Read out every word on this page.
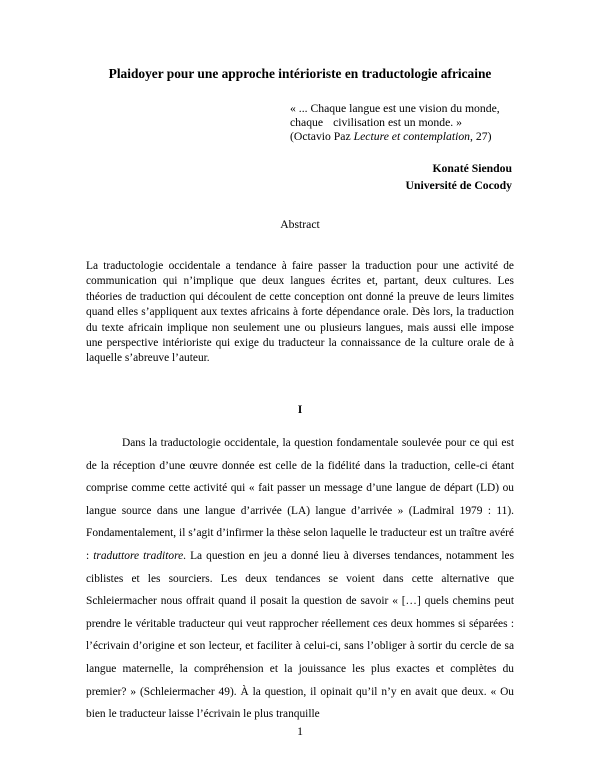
Plaidoyer pour une approche intérioriste en traductologie africaine
« ... Chaque langue est une vision du monde,
chaque civilisation est un monde. »
(Octavio Paz Lecture et contemplation, 27)
Konaté Siendou
Université de Cocody
Abstract
La traductologie occidentale a tendance à faire passer la traduction pour une activité de communication qui n’implique que deux langues écrites et, partant, deux cultures. Les théories de traduction qui découlent de cette conception ont donné la preuve de leurs limites quand elles s’appliquent aux textes africains à forte dépendance orale. Dès lors, la traduction du texte africain implique non seulement une ou plusieurs langues, mais aussi elle impose une perspective intérioriste qui exige du traducteur la connaissance de la culture orale de à laquelle s’abreuve l’auteur.
I
Dans la traductologie occidentale, la question fondamentale soulevée pour ce qui est de la réception d’une œuvre donnée est celle de la fidélité dans la traduction, celle-ci étant comprise comme cette activité qui « fait passer un message d’une langue de départ (LD) ou langue source dans une langue d’arrivée (LA) langue d’arrivée » (Ladmiral 1979 : 11). Fondamentalement, il s’agit d’infirmer la thèse selon laquelle le traducteur est un traître avéré : traduttore traditore. La question en jeu a donné lieu à diverses tendances, notamment les ciblistes et les sourciers. Les deux tendances se voient dans cette alternative que Schleiermacher nous offrait quand il posait la question de savoir « […] quels chemins peut prendre le véritable traducteur qui veut rapprocher réellement ces deux hommes si séparées : l’écrivain d’origine et son lecteur, et faciliter à celui-ci, sans l’obliger à sortir du cercle de sa langue maternelle, la compréhension et la jouissance les plus exactes et complètes du premier? » (Schleiermacher 49). À la question, il opinait qu’il n’y en avait que deux. « Ou bien le traducteur laisse l’écrivain le plus tranquille
1
